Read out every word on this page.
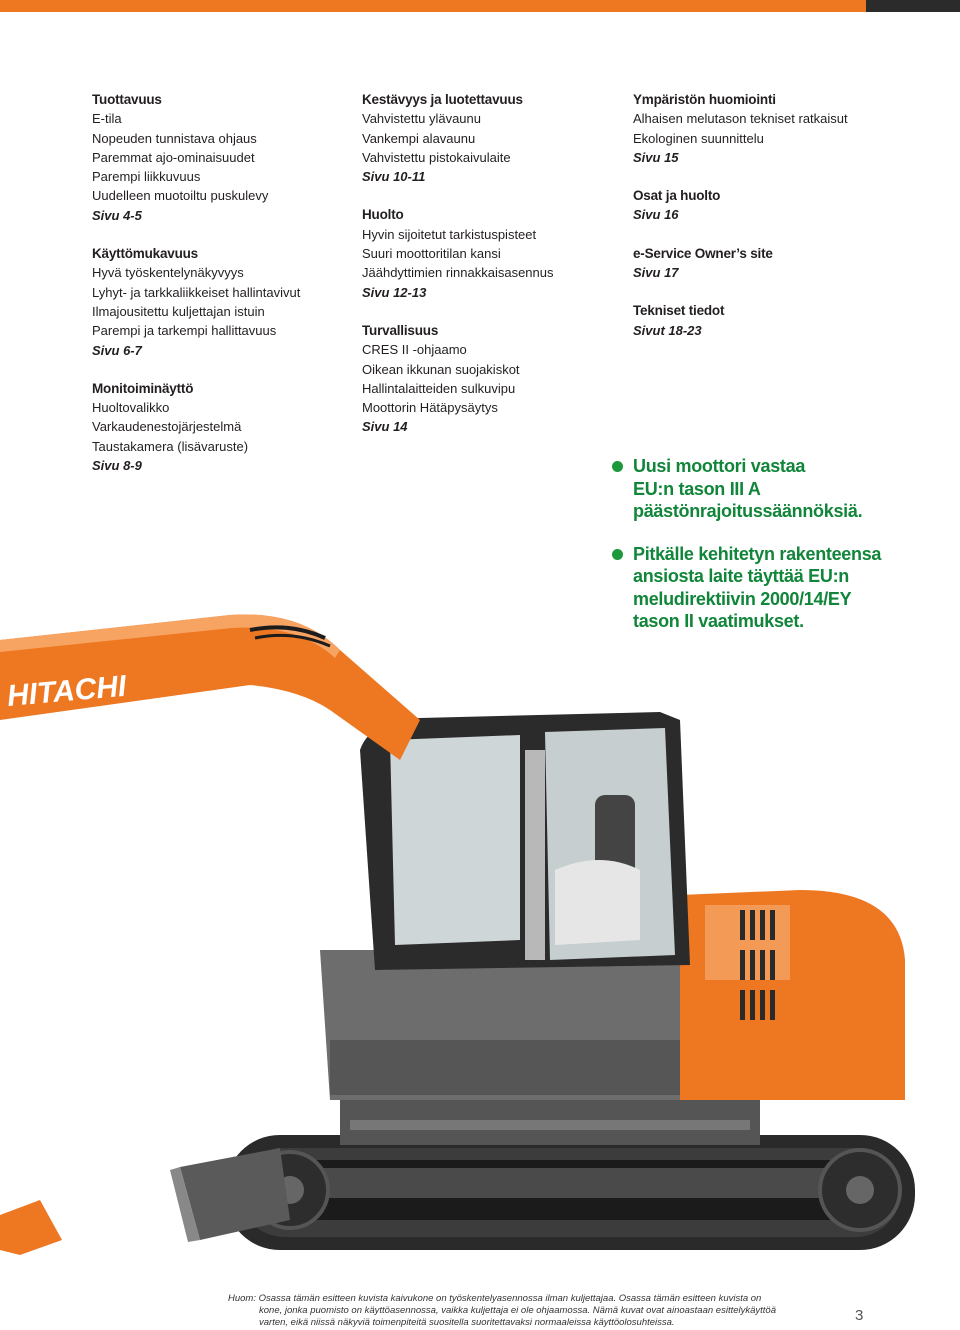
Tuottavuus
E-tila
Nopeuden tunnistava ohjaus
Paremmat ajo-ominaisuudet
Parempi liikkuvuus
Uudelleen muotoiltu puskulevy
Sivu 4-5
Käyttömukavuus
Hyvä työskentelynäkyvyys
Lyhyt- ja tarkkaliikkeiset hallintavivut
Ilmajousitettu kuljettajan istuin
Parempi ja tarkempi hallittavuus
Sivu 6-7
Monitoiminäyttö
Huoltovalikko
Varkaudenestojärjestelmä
Taustakamera (lisävaruste)
Sivu 8-9
Kestävyys ja luotettavuus
Vahvistettu ylävaunu
Vankempi alavaunu
Vahvistettu pistokaivulaite
Sivu 10-11
Huolto
Hyvin sijoitetut tarkistuspisteet
Suuri moottoritilan kansi
Jäähdyttimien rinnakkaisasennus
Sivu 12-13
Turvallisuus
CRES II -ohjaamo
Oikean ikkunan suojakiskot
Hallintalaitteiden sulkuvipu
Moottorin Hätäpysäytys
Sivu 14
Ympäristön huomiointi
Alhaisen melutason tekniset ratkaisut
Ekologinen suunnittelu
Sivu 15
Osat ja huolto
Sivu 16
e-Service Owner’s site
Sivu 17
Tekniset tiedot
Sivut 18-23
Uusi moottori vastaa
EU:n tason III A
päästönrajoitussäännöksiä.
Pitkälle kehitetyn rakenteensa
ansiosta laite täyttää EU:n
meludirektiivin 2000/14/EY
tason II vaatimukset.
HITACHI
Huom: Osassa tämän esitteen kuvista kaivukone on työskentelyasennossa ilman kuljettajaa. Osassa tämän esitteen kuvista on
kone, jonka puomisto on käyttöasennossa, vaikka kuljettaja ei ole ohjaamossa. Nämä kuvat ovat ainoastaan esittelykäyttöä
varten, eikä niissä näkyviä toimenpiteitä suositella suoritettavaksi normaaleissa käyttöolosuhteissa.	3
